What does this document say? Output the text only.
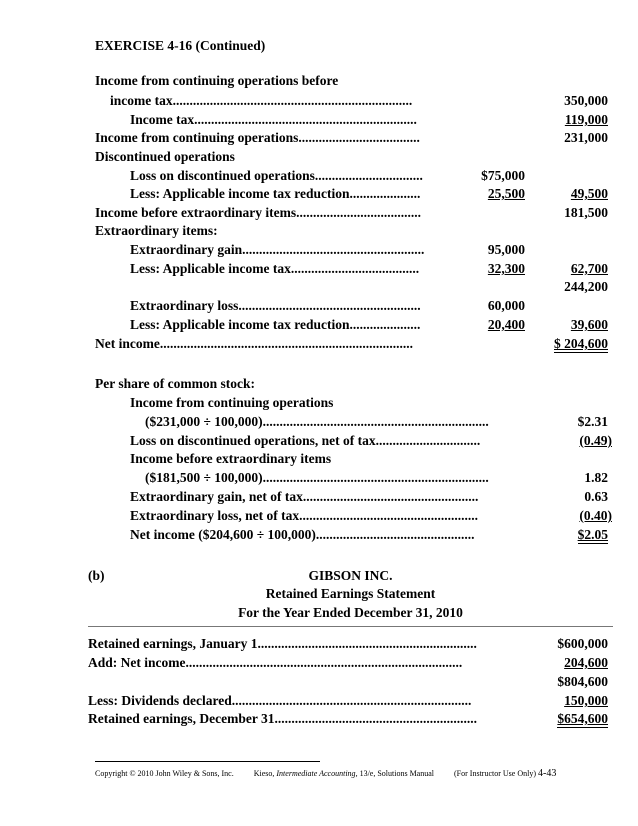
EXERCISE 4-16 (Continued)
Income from continuing operations before
income tax.......................................................................	350,000
Income tax..................................................................	119,000
Income from continuing operations....................................	231,000
Discontinued operations
Loss on discontinued operations................................	$75,000
Less: Applicable income tax reduction.....................	25,500	49,500
Income before extraordinary items.....................................	181,500
Extraordinary items:
Extraordinary gain......................................................	95,000
Less: Applicable income tax......................................	32,300	62,700
244,200
Extraordinary loss......................................................	60,000
Less: Applicable income tax reduction.....................	20,400	39,600
Net income...........................................................................	$ 204,600
Per share of common stock:
Income from continuing operations
($231,000 ÷ 100,000)...................................................................	$2.31
Loss on discontinued operations, net of tax...............................	(0.49)
Income before extraordinary items
($181,500 ÷ 100,000)...................................................................	1.82
Extraordinary gain, net of tax....................................................	0.63
Extraordinary loss, net of tax.....................................................	(0.40)
Net income ($204,600 ÷ 100,000)...............................................	$2.05
(b)	GIBSON INC.
Retained Earnings Statement
For the Year Ended December 31, 2010
Retained earnings, January 1.................................................................	$600,000
Add: Net income..................................................................................	204,600
$804,600
Less: Dividends declared.......................................................................	150,000
Retained earnings, December 31............................................................	$654,600
Copyright © 2010 John Wiley & Sons, Inc.	Kieso, Intermediate Accounting, 13/e, Solutions Manual	(For Instructor Use Only) 4-43
